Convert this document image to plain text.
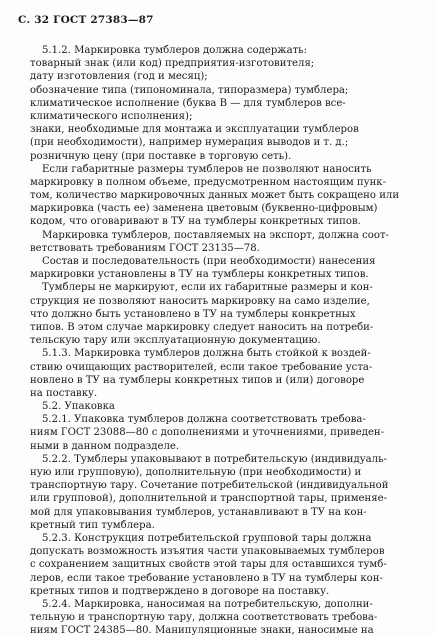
С. 32 ГОСТ 27383—87
5.1.2. Маркировка тумблеров должна содержать:
товарный знак (или код) предприятия-изготовителя;
дату изготовления (год и месяц);
обозначение типа (типономинала, типоразмера) тумблера;
климатическое исполнение (буква В — для тумблеров все-
климатического исполнения);
знаки, необходимые для монтажа и эксплуатации тумблеров
(при необходимости), например нумерация выводов и т. д.;
розничную цену (при поставке в торговую сеть).
Если габаритные размеры тумблеров не позволяют наносить
маркировку в полном объеме, предусмотренном настоящим пунк-
том, количество маркировочных данных может быть сокращено или
маркировка (часть ее) заменена цветовым (буквенно-цифровым)
кодом, что оговаривают в ТУ на тумблеры конкретных типов.
Маркировка тумблеров, поставляемых на экспорт, должна соот-
ветствовать требованиям ГОСТ 23135—78.
Состав и последовательность (при необходимости) нанесения
маркировки установлены в ТУ на тумблеры конкретных типов.
Тумблеры не маркируют, если их габаритные размеры и кон-
струкция не позволяют наносить маркировку на само изделие,
что должно быть установлено в ТУ на тумблеры конкретных
типов. В этом случае маркировку следует наносить на потреби-
тельскую тару или эксплуатационную документацию.
5.1.3. Маркировка тумблеров должна быть стойкой к воздей-
ствию очищающих растворителей, если такое требование уста-
новлено в ТУ на тумблеры конкретных типов и (или) договоре
на поставку.
5.2. Упаковка
5.2.1. Упаковка тумблеров должна соответствовать требова-
ниям ГОСТ 23088—80 с дополнениями и уточнениями, приведен-
ными в данном подразделе.
5.2.2. Тумблеры упаковывают в потребительскую (индивидуаль-
ную или групповую), дополнительную (при необходимости) и
транспортную тару. Сочетание потребительской (индивидуальной
или групповой), дополнительной и транспортной тары, применяе-
мой для упаковывания тумблеров, устанавливают в ТУ на кон-
кретный тип тумблера.
5.2.3. Конструкция потребительской групповой тары должна
допускать возможность изъятия части упаковываемых тумблеров
с сохранением защитных свойств этой тары для оставшихся тумб-
леров, если такое требование установлено в ТУ на тумблеры кон-
кретных типов и подтверждено в договоре на поставку.
5.2.4. Маркировка, наносимая на потребительскую, дополни-
тельную и транспортную тару, должна соответствовать требова-
ниям ГОСТ 24385—80. Манипуляционные знаки, наносимые на
